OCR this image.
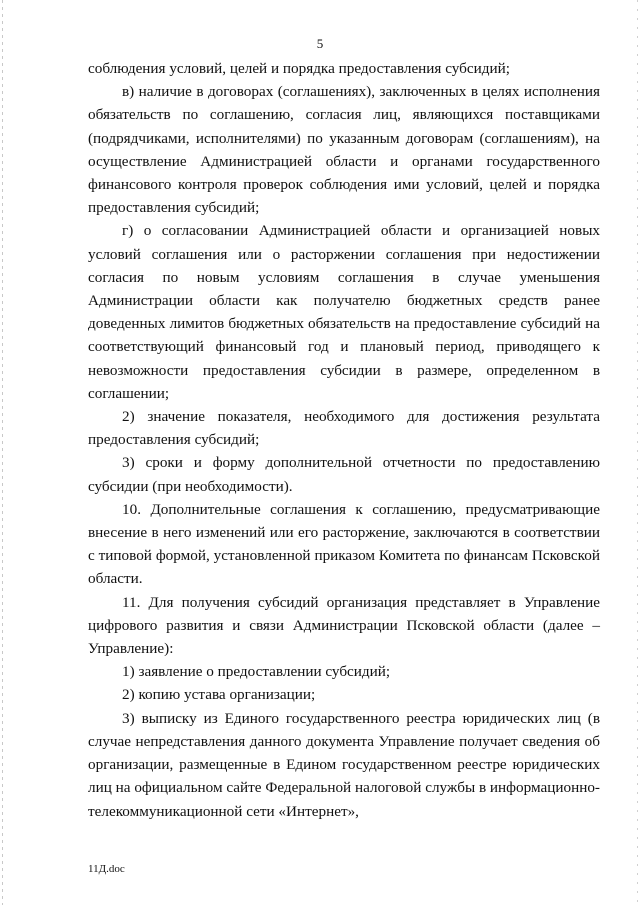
5

соблюдения условий, целей и порядка предоставления субсидий;

в) наличие в договорах (соглашениях), заключенных в целях исполнения обязательств по соглашению, согласия лиц, являющихся поставщиками (подрядчиками, исполнителями) по указанным договорам (соглашениям), на осуществление Администрацией области и органами государственного финансового контроля проверок соблюдения ими условий, целей и порядка предоставления субсидий;

г) о согласовании Администрацией области и организацией новых условий соглашения или о расторжении соглашения при недостижении согласия по новым условиям соглашения в случае уменьшения Администрации области как получателю бюджетных средств ранее доведенных лимитов бюджетных обязательств на предоставление субсидий на соответствующий финансовый год и плановый период, приводящего к невозможности предоставления субсидии в размере, определенном в соглашении;

2) значение показателя, необходимого для достижения результата предоставления субсидий;

3) сроки и форму дополнительной отчетности по предоставлению субсидии (при необходимости).

10. Дополнительные соглашения к соглашению, предусматривающие внесение в него изменений или его расторжение, заключаются в соответствии с типовой формой, установленной приказом Комитета по финансам Псковской области.

11. Для получения субсидий организация представляет в Управление цифрового развития и связи Администрации Псковской области (далее – Управление):

1) заявление о предоставлении субсидий;

2) копию устава организации;

3) выписку из Единого государственного реестра юридических лиц (в случае непредставления данного документа Управление получает сведения об организации, размещенные в Едином государственном реестре юридических лиц на официальном сайте Федеральной налоговой службы в информационно-телекоммуникационной сети «Интернет»,

11Д.doc
